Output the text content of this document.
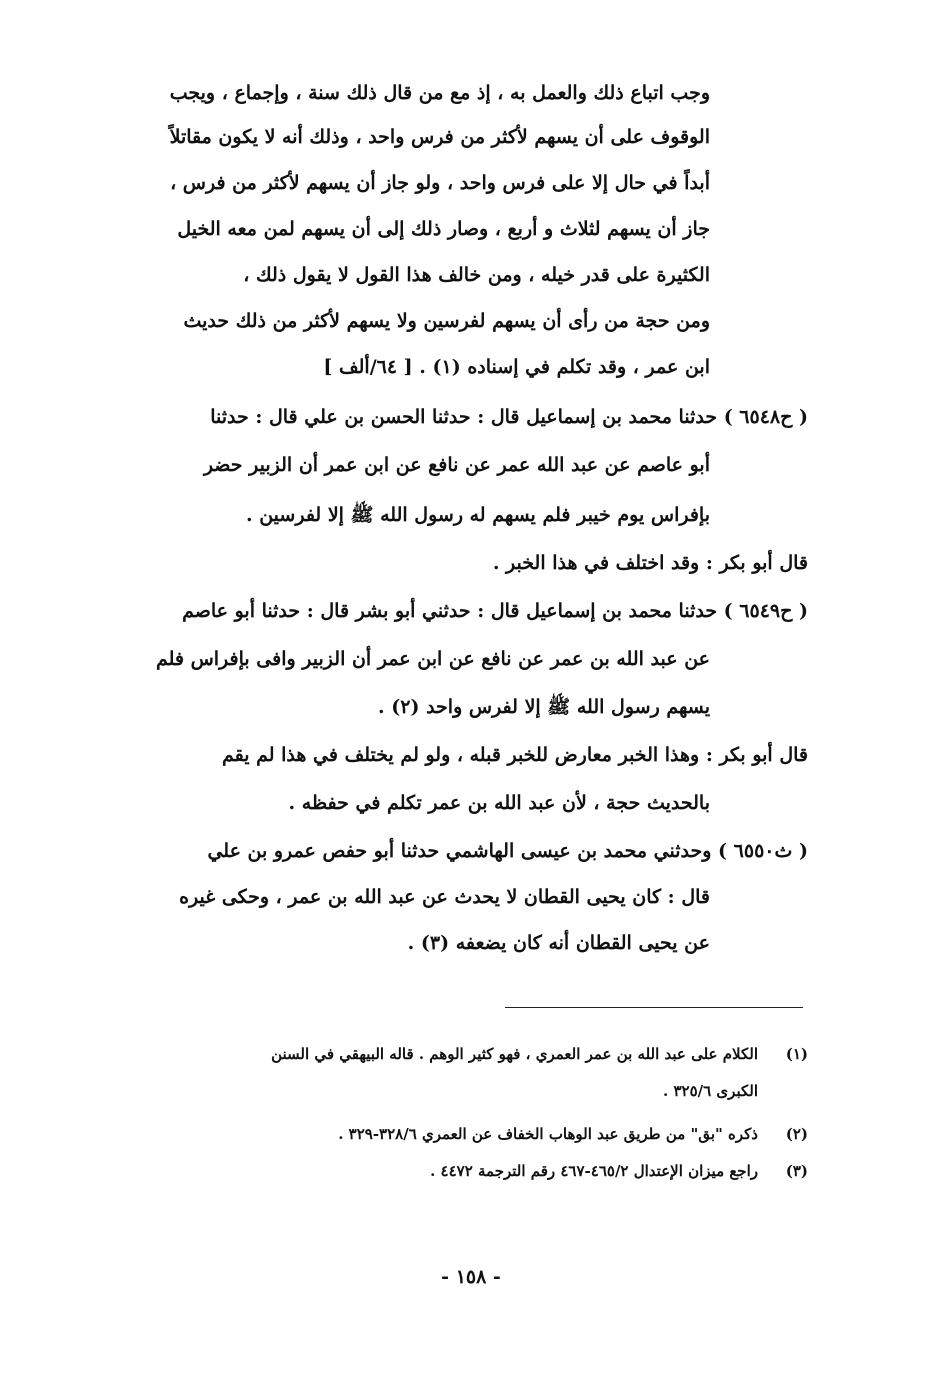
وجب اتباع ذلك والعمل به ، إذ مع من قال ذلك سنة ، وإجماع ، ويجب
الوقوف على أن يسهم لأكثر من فرس واحد ، وذلك أنه لا يكون مقاتلاً
أبداً في حال إلا على فرس واحد ، ولو جاز أن يسهم لأكثر من فرس ،
جاز أن يسهم لثلاث و أربع ، وصار ذلك إلى أن يسهم لمن معه الخيل
الكثيرة على قدر خيله ، ومن خالف هذا القول لا يقول ذلك ،
ومن حجة من رأى أن يسهم لفرسين ولا يسهم لأكثر من ذلك حديث
ابن عمر ، وقد تكلم في إسناده (١) . [ ٦٤/ألف ]
( ح٦٥٤٨ ) حدثنا محمد بن إسماعيل قال : حدثنا الحسن بن علي قال : حدثنا
أبو عاصم عن عبد الله عمر عن نافع عن ابن عمر أن الزبير حضر
بإفراس يوم خيبر فلم يسهم له رسول الله ﷺ إلا لفرسين .
قال أبو بكر : وقد اختلف في هذا الخبر .
( ح٦٥٤٩ ) حدثنا محمد بن إسماعيل قال : حدثني أبو بشر قال : حدثنا أبو عاصم
عن عبد الله بن عمر عن نافع عن ابن عمر أن الزبير وافى بإفراس فلم
يسهم رسول الله ﷺ إلا لفرس واحد (٢) .
قال أبو بكر : وهذا الخبر معارض للخبر قبله ، ولو لم يختلف في هذا لم يقم
بالحديث حجة ، لأن عبد الله بن عمر تكلم في حفظه .
( ث٦٥٥٠ ) وحدثني محمد بن عيسى الهاشمي حدثنا أبو حفص عمرو بن علي
قال : كان يحيى القطان لا يحدث عن عبد الله بن عمر ، وحكى غيره
عن يحيى القطان أنه كان يضعفه (٣) .
(١)
الكلام على عبد الله بن عمر العمري ، فهو كثير الوهم . قاله البيهقي في السنن
الكبرى ٣٢٥/٦ .
(٢)
ذكره "بق" من طريق عبد الوهاب الخفاف عن العمري ٣٢٨/٦-٣٢٩ .
(٣)
راجع ميزان الإعتدال ٤٦٥/٢-٤٦٧ رقم الترجمة ٤٤٧٢ .
- ١٥٨ -
